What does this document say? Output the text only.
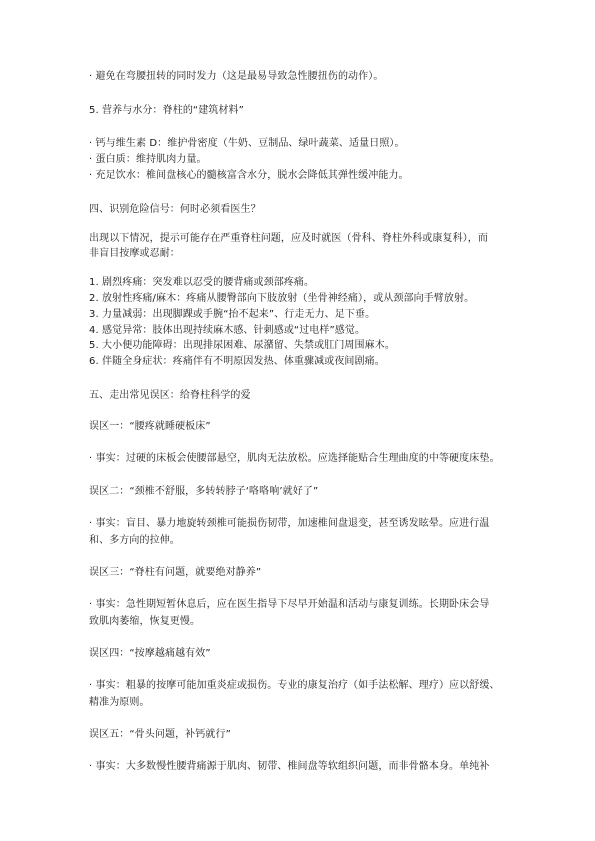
· 避免在弯腰扭转的同时发力（这是最易导致急性腰扭伤的动作）。
5. 营养与水分：脊柱的“建筑材料”
· 钙与维生素 D：维护骨密度（牛奶、豆制品、绿叶蔬菜、适量日照）。
· 蛋白质：维持肌肉力量。
· 充足饮水：椎间盘核心的髓核富含水分，脱水会降低其弹性缓冲能力。
四、识别危险信号：何时必须看医生？
出现以下情况，提示可能存在严重脊柱问题，应及时就医（骨科、脊柱外科或康复科），而
非盲目按摩或忍耐：
1. 剧烈疼痛：突发难以忍受的腰背痛或颈部疼痛。
2. 放射性疼痛/麻木：疼痛从腰臀部向下肢放射（坐骨神经痛），或从颈部向手臂放射。
3. 力量减弱：出现脚踝或手腕“抬不起来”、行走无力、足下垂。
4. 感觉异常：肢体出现持续麻木感、针刺感或“过电样”感觉。
5. 大小便功能障碍：出现排尿困难、尿潴留、失禁或肛门周围麻木。
6. 伴随全身症状：疼痛伴有不明原因发热、体重骤减或夜间剧痛。
五、走出常见误区：给脊柱科学的爱
误区一：“腰疼就睡硬板床”
· 事实：过硬的床板会使腰部悬空，肌肉无法放松。应选择能贴合生理曲度的中等硬度床垫。
误区二：“颈椎不舒服，多转转脖子‘咯咯响’就好了”
· 事实：盲目、暴力地旋转颈椎可能损伤韧带，加速椎间盘退变，甚至诱发眩晕。应进行温
和、多方向的拉伸。
误区三：“脊柱有问题，就要绝对静养”
· 事实：急性期短暂休息后，应在医生指导下尽早开始温和活动与康复训练。长期卧床会导
致肌肉萎缩，恢复更慢。
误区四：“按摩越痛越有效”
· 事实：粗暴的按摩可能加重炎症或损伤。专业的康复治疗（如手法松解、理疗）应以舒缓、
精准为原则。
误区五：“骨头问题，补钙就行”
· 事实：大多数慢性腰背痛源于肌肉、韧带、椎间盘等软组织问题，而非骨骼本身。单纯补
